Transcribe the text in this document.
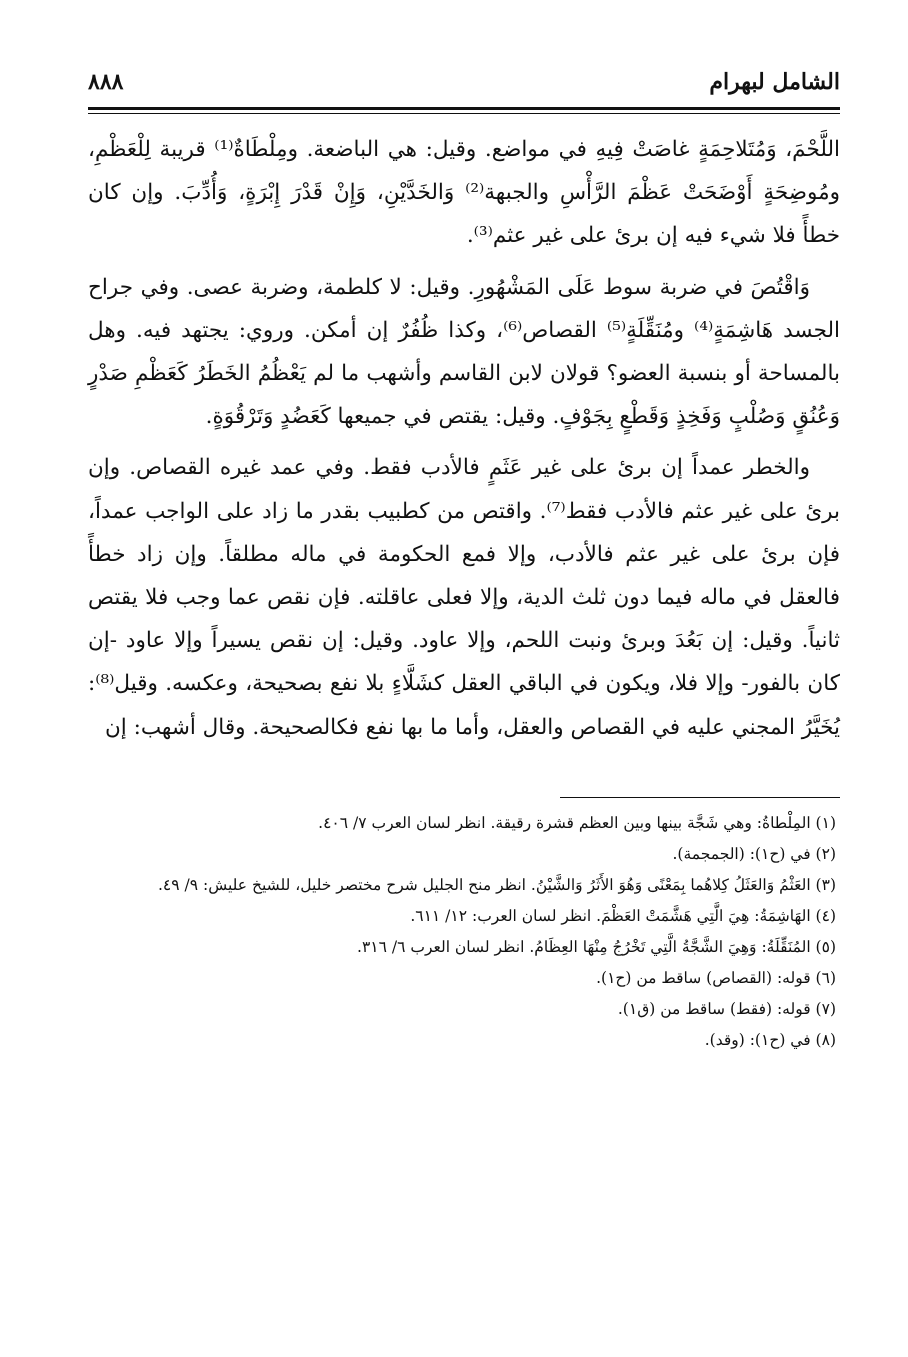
الشامل لبهرام
٨٨٨

اللَّحْمَ، وَمُتَلاحِمَةٍ غاصَتْ فِيهِ في مواضع. وقيل: هي الباضعة. ومِلْطَاةٌ⁽¹⁾ قريبة لِلْعَظْمِ، ومُوضِحَةٍ أَوْضَحَتْ عَظْمَ الرَّأْسِ والجبهة⁽²⁾ وَالخَدَّيْنِ، وَإِنْ قَدْرَ إِبْرَةٍ، وَأُدِّبَ. وإن كان خطأً فلا شيء فيه إن برئ على غير عثم⁽³⁾.

وَاقْتُصَ في ضربة سوط عَلَى المَشْهُورِ. وقيل: لا كلطمة، وضربة عصى. وفي جراح الجسد هَاشِمَةٍ⁽⁴⁾ ومُنَقِّلَةٍ⁽⁵⁾ القصاص⁽⁶⁾، وكذا ظُفُرٌ إن أمكن. وروي: يجتهد فيه. وهل بالمساحة أو بنسبة العضو؟ قولان لابن القاسم وأشهب ما لم يَعْظُمُ الخَطَرُ كَعَظْمِ صَدْرٍ وَعُنُقٍ وَصُلْبٍ وَفَخِذٍ وَقَطْعٍ بِجَوْفٍ. وقيل: يقتص في جميعها كَعَضُدٍ وَتَرْقُوَةٍ.

والخطر عمداً إن برئ على غير عَثَمٍ فالأدب فقط. وفي عمد غيره القصاص. وإن برئ على غير عثم فالأدب فقط⁽⁷⁾. واقتص من كطبيب بقدر ما زاد على الواجب عمداً، فإن برئ على غير عثم فالأدب، وإلا فمع الحكومة في ماله مطلقاً. وإن زاد خطأً فالعقل في ماله فيما دون ثلث الدية، وإلا فعلى عاقلته. فإن نقص عما وجب فلا يقتص ثانياً. وقيل: إن بَعُدَ وبرئ ونبت اللحم، وإلا عاود. وقيل: إن نقص يسيراً وإلا عاود -إن كان بالفور- وإلا فلا، ويكون في الباقي العقل كشَلَّاءٍ بلا نفع بصحيحة، وعكسه. وقيل⁽⁸⁾: يُخَيَّرُ المجني عليه في القصاص والعقل، وأما ما بها نفع فكالصحيحة. وقال أشهب: إن

(١) المِلْطاةُ: وهي شَجَّة بينها وبين العظم قشرة رقيقة. انظر لسان العرب ٧/ ٤٠٦.

(٢) في (ح١): (الجمجمة).

(٣) العَثْمُ وَالعَثَلُ كِلاهُما بِمَعْنًى وَهُوَ الأَثَرُ وَالشَّيْنُ. انظر منح الجليل شرح مختصر خليل، للشيخ عليش: ٩/ ٤٩.

(٤) الهَاشِمَةُ: هِيَ الَّتِي هَشَّمَتْ العَظْمَ. انظر لسان العرب: ١٢/ ٦١١.

(٥) المُنَقِّلَةُ: وَهِيَ الشَّجَّةُ الَّتِي تَخْرُجُ مِنْهَا العِظَامُ. انظر لسان العرب ٦/ ٣١٦.

(٦) قوله: (القصاص) ساقط من (ح١).

(٧) قوله: (فقط) ساقط من (ق١).

(٨) في (ح١): (وقد).
